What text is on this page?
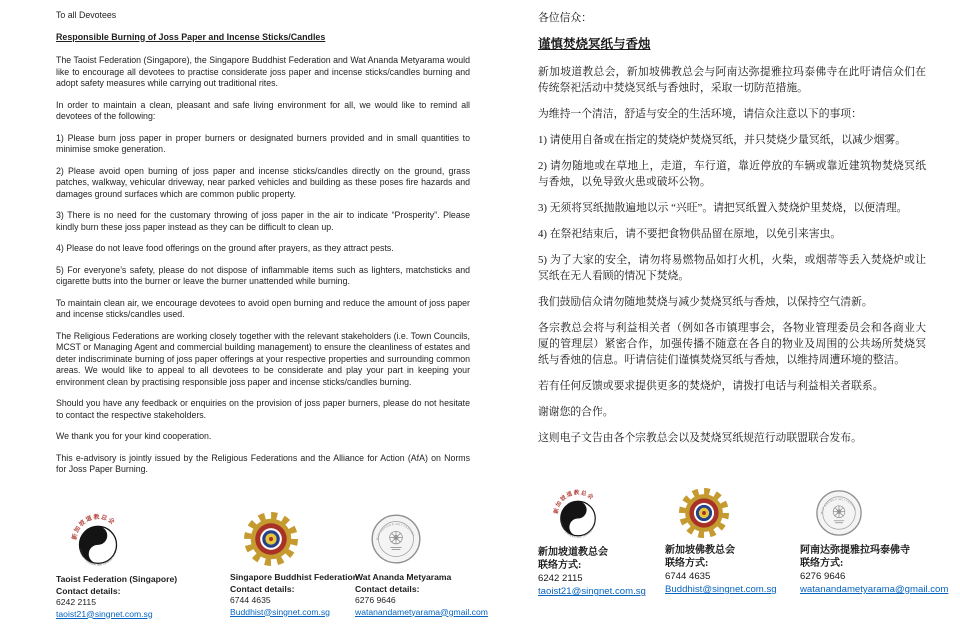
To all Devotees

Responsible Burning of Joss Paper and Incense Sticks/Candles

The Taoist Federation (Singapore), the Singapore Buddhist Federation and Wat Ananda Metyarama would like to encourage all devotees to practise considerate joss paper and incense sticks/candles burning and adopt safety measures while carrying out traditional rites.

In order to maintain a clean, pleasant and safe living environment for all, we would like to remind all devotees of the following:

1) Please burn joss paper in proper burners or designated burners provided and in small quantities to minimise smoke generation.

2) Please avoid open burning of joss paper and incense sticks/candles directly on the ground, grass patches, walkway, vehicular driveway, near parked vehicles and building as these poses fire hazards and damages ground surfaces which are common public property.

3) There is no need for the customary throwing of joss paper in the air to indicate “Prosperity”. Please kindly burn these joss paper instead as they can be difficult to clean up.

4) Please do not leave food offerings on the ground after prayers, as they attract pests.

5) For everyone’s safety, please do not dispose of inflammable items such as lighters, matchsticks and cigarette butts into the burner or leave the burner unattended while burning.

To maintain clean air, we encourage devotees to avoid open burning and reduce the amount of joss paper and incense sticks/candles used.

The Religious Federations are working closely together with the relevant stakeholders (i.e. Town Councils, MCST or Managing Agent and commercial building management) to ensure the cleanliness of estates and deter indiscriminate burning of joss paper offerings at your respective properties and surrounding common areas. We would like to appeal to all devotees to be considerate and play your part in keeping your environment clean by practising responsible joss paper and incense sticks/candles burning.

Should you have any feedback or enquiries on the provision of joss paper burners, please do not hesitate to contact the respective stakeholders.

We thank you for your kind cooperation.

This e-advisory is jointly issued by the Religious Federations and the Alliance for Action (AfA) on Norms for Joss Paper Burning.

新加坡道教总会
TAOIST FEDERATION (SINGAPORE)

Taoist Federation (Singapore)

Contact details:

6242 2115

taoist21@singnet.com.sg

Singapore Buddhist Federation

Contact details:

6744 4635

Buddhist@singnet.com.sg
WAT ANANDA METYARAMA

Wat Ananda Metyarama

Contact details:

6276 9646

watanandametyarama@gmail.com

各位信众：

谨慎焚烧冥纸与香烛

新加坡道教总会，新加坡佛教总会与阿南达弥提雅拉玛泰佛寺在此吁请信众们在传统祭祀活动中焚烧冥纸与香烛时，采取一切防范措施。

为维持一个清洁，舒适与安全的生活环境，请信众注意以下的事项：

1) 请使用自备或在指定的焚烧炉焚烧冥纸，并只焚烧少量冥纸，以减少烟雾。

2) 请勿随地或在草地上，走道，车行道，靠近停放的车辆或靠近建筑物焚烧冥纸与香烛，以免导致火患或破坏公物。

3) 无须将冥纸抛散遍地以示 “兴旺”。请把冥纸置入焚烧炉里焚烧，以便清理。

4) 在祭祀结束后，请不要把食物供品留在原地，以免引来害虫。

5) 为了大家的安全，请勿将易燃物品如打火机，火柴，或烟蒂等丢入焚烧炉或让冥纸在无人看顾的情况下焚烧。

我们鼓励信众请勿随地焚烧与减少焚烧冥纸与香烛，以保持空气清新。

各宗教总会将与利益相关者（例如各市镇理事会，各物业管理委员会和各商业大厦的管理层）紧密合作，加强传播不随意在各自的物业及周围的公共场所焚烧冥纸与香烛的信息。吁请信徒们谨慎焚烧冥纸与香烛，以维持周遭环境的整洁。

若有任何反馈或要求提供更多的焚烧炉，请拨打电话与利益相关者联系。

谢谢您的合作。

这则电子文告由各个宗教总会以及焚烧冥纸规范行动联盟联合发布。

新加坡道教总会
TAOIST FEDERATION (SINGAPORE)

新加坡道教总会

联络方式:

6242 2115

taoist21@singnet.com.sg

新加坡佛教总会

联络方式:

6744 4635

Buddhist@singnet.com.sg
WAT ANANDA METYARAMA

阿南达弥提雅拉玛泰佛寺

联络方式:

6276 9646

watanandametyarama@gmail.com
